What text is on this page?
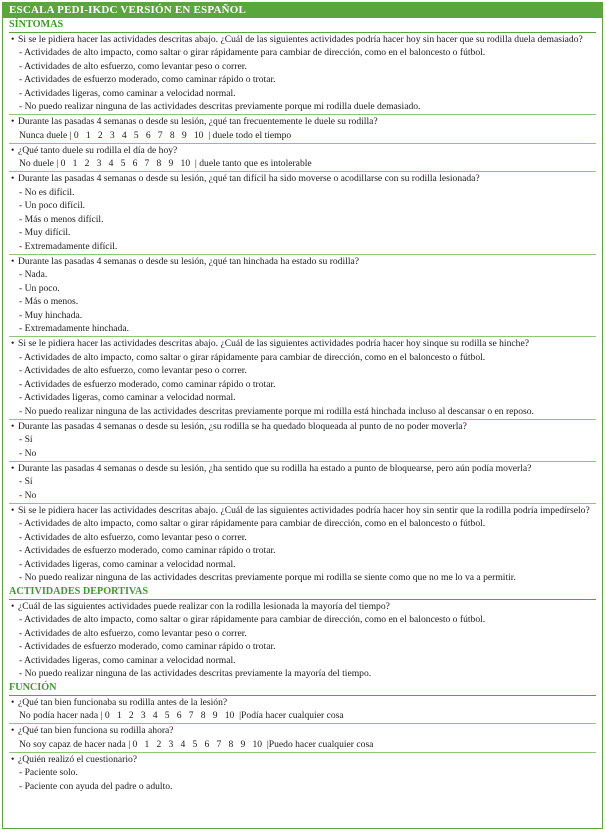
ESCALA PEDI-IKDC VERSIÓN EN ESPAÑOL
SÍNTOMAS
• Si se le pidiera hacer las actividades descritas abajo. ¿Cuál de las siguientes actividades podría hacer hoy sin hacer que su rodilla duela demasiado?
- Actividades de alto impacto, como saltar o girar rápidamente para cambiar de dirección, como en el baloncesto o fútbol.
- Actividades de alto esfuerzo, como levantar peso o correr.
- Actividades de esfuerzo moderado, como caminar rápido o trotar.
- Actividades ligeras, como caminar a velocidad normal.
- No puedo realizar ninguna de las actividades descritas previamente porque mi rodilla duele demasiado.
• Durante las pasadas 4 semanas o desde su lesión, ¿qué tan frecuentemente le duele su rodilla?
Nunca duele | 0   1   2   3   4   5   6   7   8   9   10  | duele todo el tiempo
• ¿Qué tanto duele su rodilla el día de hoy?
No duele | 0   1   2   3   4   5   6   7   8   9   10  | duele tanto que es intolerable
• Durante las pasadas 4 semanas o desde su lesión, ¿qué tan difícil ha sido moverse o acodillarse con su rodilla lesionada?
- No es difícil.
- Un poco difícil.
- Más o menos difícil.
- Muy difícil.
- Extremadamente difícil.
• Durante las pasadas 4 semanas o desde su lesión, ¿qué tan hinchada ha estado su rodilla?
- Nada.
- Un poco.
- Más o menos.
- Muy hinchada.
- Extremadamente hinchada.
• Si se le pidiera hacer las actividades descritas abajo. ¿Cuál de las siguientes actividades podría hacer hoy sinque su rodilla se hinche?
- Actividades de alto impacto, como saltar o girar rápidamente para cambiar de dirección, como en el baloncesto o fútbol.
- Actividades de alto esfuerzo, como levantar peso o correr.
- Actividades de esfuerzo moderado, como caminar rápido o trotar.
- Actividades ligeras, como caminar a velocidad normal.
- No puedo realizar ninguna de las actividades descritas previamente porque mi rodilla está hinchada incluso al descansar o en reposo.
• Durante las pasadas 4 semanas o desde su lesión, ¿su rodilla se ha quedado bloqueada al punto de no poder moverla?
- Sí
- No
• Durante las pasadas 4 semanas o desde su lesión, ¿ha sentido que su rodilla ha estado a punto de bloquearse, pero aún podía moverla?
- Sí
- No
• Si se le pidiera hacer las actividades descritas abajo. ¿Cuál de las siguientes actividades podría hacer hoy sin sentir que la rodilla podría impedírselo?
- Actividades de alto impacto, como saltar o girar rápidamente para cambiar de dirección, como en el baloncesto o fútbol.
- Actividades de alto esfuerzo, como levantar peso o correr.
- Actividades de esfuerzo moderado, como caminar rápido o trotar.
- Actividades ligeras, como caminar a velocidad normal.
- No puedo realizar ninguna de las actividades descritas previamente porque mi rodilla se siente como que no me lo va a permitir.
ACTIVIDADES DEPORTIVAS
• ¿Cuál de las siguientes actividades puede realizar con la rodilla lesionada la mayoría del tiempo?
- Actividades de alto impacto, como saltar o girar rápidamente para cambiar de dirección, como en el baloncesto o fútbol.
- Actividades de alto esfuerzo, como levantar peso o correr.
- Actividades de esfuerzo moderado, como caminar rápido o trotar.
- Actividades ligeras, como caminar a velocidad normal.
- No puedo realizar ninguna de las actividades descritas previamente la mayoría del tiempo.
FUNCIÓN
• ¿Qué tan bien funcionaba su rodilla antes de la lesión?
No podía hacer nada | 0   1   2   3   4   5   6   7   8   9   10  |Podía hacer cualquier cosa
• ¿Qué tan bien funciona su rodilla ahora?
No soy capaz de hacer nada | 0   1   2   3   4   5   6   7   8   9   10  |Puedo hacer cualquier cosa
• ¿Quién realizó el cuestionario?
- Paciente solo.
- Paciente con ayuda del padre o adulto.
